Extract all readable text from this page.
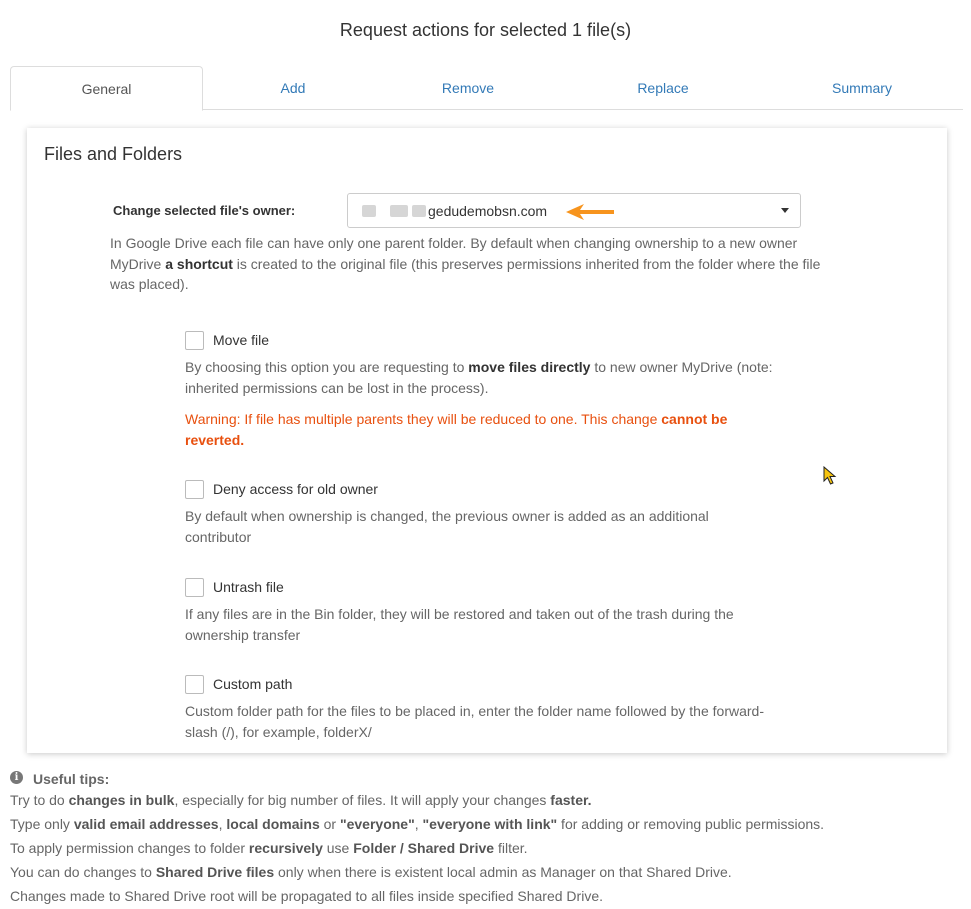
Request actions for selected 1 file(s)
General	Add	Remove	Replace	Summary
Files and Folders
Change selected file's owner:	gedudemobsn.com
In Google Drive each file can have only one parent folder. By default when changing ownership to a new owner MyDrive a shortcut is created to the original file (this preserves permissions inherited from the folder where the file was placed).
Move file
By choosing this option you are requesting to move files directly to new owner MyDrive (note: inherited permissions can be lost in the process).
Warning: If file has multiple parents they will be reduced to one. This change cannot be reverted.
Deny access for old owner
By default when ownership is changed, the previous owner is added as an additional contributor
Untrash file
If any files are in the Bin folder, they will be restored and taken out of the trash during the ownership transfer
Custom path
Custom folder path for the files to be placed in, enter the folder name followed by the forward-slash (/), for example, folderX/
i	Useful tips:
Try to do changes in bulk, especially for big number of files. It will apply your changes faster.
Type only valid email addresses, local domains or "everyone", "everyone with link" for adding or removing public permissions.
To apply permission changes to folder recursively use Folder / Shared Drive filter.
You can do changes to Shared Drive files only when there is existent local admin as Manager on that Shared Drive.
Changes made to Shared Drive root will be propagated to all files inside specified Shared Drive.
